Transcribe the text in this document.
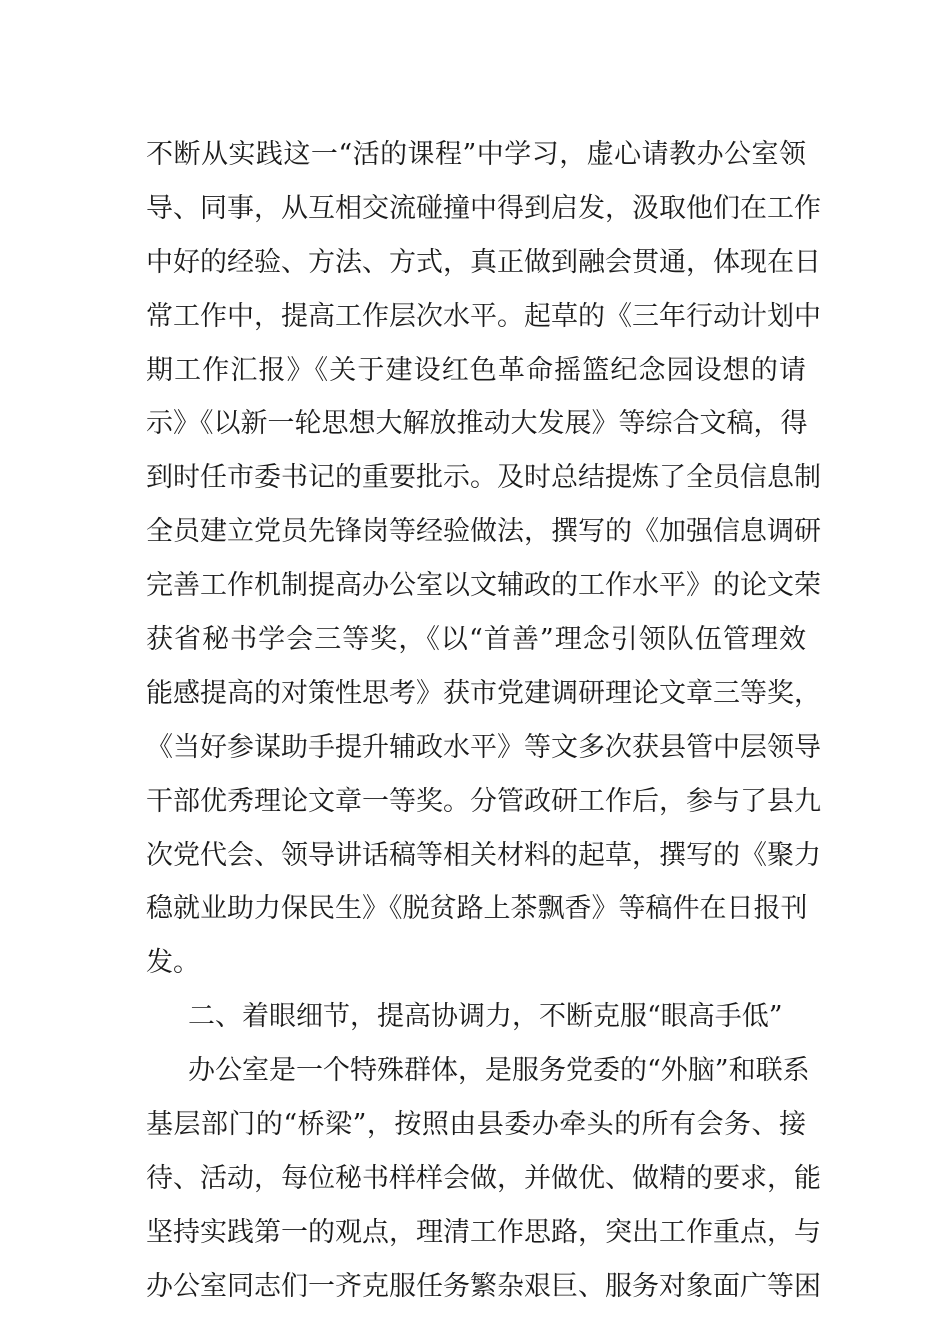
不断从实践这一“活的课程”中学习，虚心请教办公室领
导、同事，从互相交流碰撞中得到启发，汲取他们在工作
中好的经验、方法、方式，真正做到融会贯通，体现在日
常工作中，提高工作层次水平。起草的《三年行动计划中
期工作汇报》《关于建设红色革命摇篮纪念园设想的请
示》《以新一轮思想大解放推动大发展》等综合文稿，得
到时任市委书记的重要批示。及时总结提炼了全员信息制
全员建立党员先锋岗等经验做法，撰写的《加强信息调研
完善工作机制提高办公室以文辅政的工作水平》的论文荣
获省秘书学会三等奖，《以“首善”理念引领队伍管理效
能感提高的对策性思考》获市党建调研理论文章三等奖，
《当好参谋助手提升辅政水平》等文多次获县管中层领导
干部优秀理论文章一等奖。分管政研工作后，参与了县九
次党代会、领导讲话稿等相关材料的起草，撰写的《聚力
稳就业助力保民生》《脱贫路上茶飘香》等稿件在日报刊
发。
二、着眼细节，提高协调力，不断克服“眼高手低”
办公室是一个特殊群体，是服务党委的“外脑”和联系
基层部门的“桥梁”，按照由县委办牵头的所有会务、接
待、活动，每位秘书样样会做，并做优、做精的要求，能
坚持实践第一的观点，理清工作思路，突出工作重点，与
办公室同志们一齐克服任务繁杂艰巨、服务对象面广等困
